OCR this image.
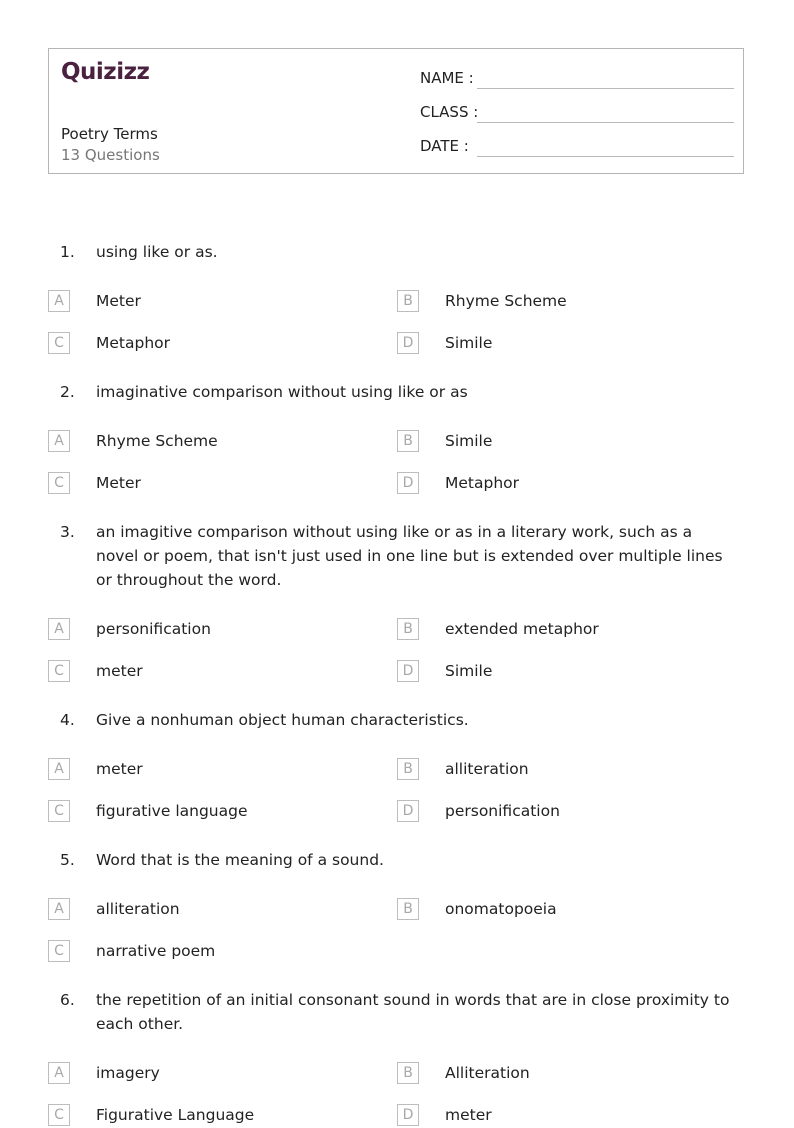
Quizizz
Poetry Terms
13 Questions
NAME :
CLASS :
DATE :
1. using like or as.
A	Meter	B	Rhyme Scheme
C	Metaphor	D	Simile
2. imaginative comparison without using like or as
A	Rhyme Scheme	B	Simile
C	Meter	D	Metaphor
3. an imagitive comparison without using like or as in a literary work, such as a novel or poem, that isn't just used in one line but is extended over multiple lines or throughout the word.
A	personification	B	extended metaphor
C	meter	D	Simile
4. Give a nonhuman object human characteristics.
A	meter	B	alliteration
C	figurative language	D	personification
5. Word that is the meaning of a sound.
A	alliteration	B	onomatopoeia
C	narrative poem
6. the repetition of an initial consonant sound in words that are in close proximity to each other.
A	imagery	B	Alliteration
C	Figurative Language	D	meter
